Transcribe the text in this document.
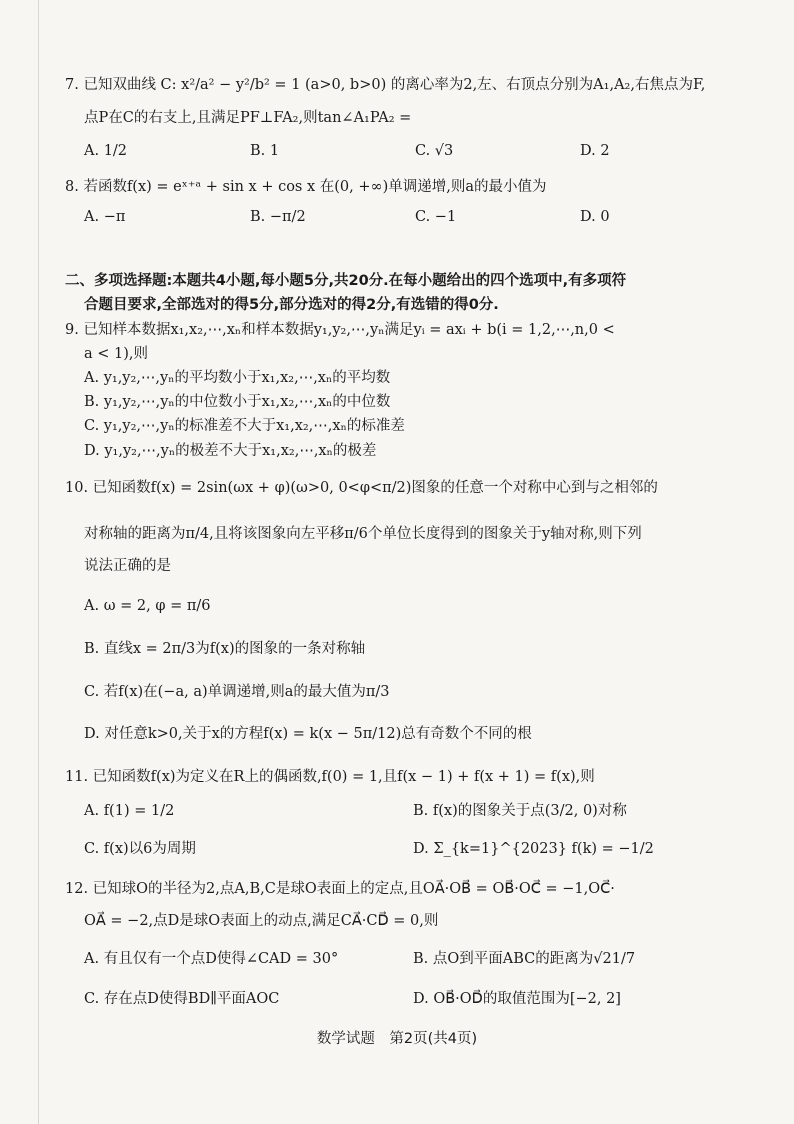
7. 已知双曲线 C: x²/a² − y²/b² = 1 (a>0, b>0) 的离心率为2,左、右顶点分别为A₁,A₂,右焦点为F,
点P在C的右支上,且满足PF⊥FA₂,则tan∠A₁PA₂ =
A. 1/2	B. 1	C. √3	D. 2
8. 若函数f(x) = eˣ⁺ᵃ + sin x + cos x 在(0, +∞)单调递增,则a的最小值为
A. −π	B. −π/2	C. −1	D. 0
二、多项选择题:本题共4小题,每小题5分,共20分.在每小题给出的四个选项中,有多项符
合题目要求,全部选对的得5分,部分选对的得2分,有选错的得0分.
9. 已知样本数据x₁,x₂,⋯,xₙ和样本数据y₁,y₂,⋯,yₙ满足yᵢ = axᵢ + b(i = 1,2,⋯,n,0 <
a < 1),则
A. y₁,y₂,⋯,yₙ的平均数小于x₁,x₂,⋯,xₙ的平均数
B. y₁,y₂,⋯,yₙ的中位数小于x₁,x₂,⋯,xₙ的中位数
C. y₁,y₂,⋯,yₙ的标准差不大于x₁,x₂,⋯,xₙ的标准差
D. y₁,y₂,⋯,yₙ的极差不大于x₁,x₂,⋯,xₙ的极差
10. 已知函数f(x) = 2sin(ωx + φ)(ω>0, 0<φ<π/2)图象的任意一个对称中心到与之相邻的
对称轴的距离为π/4,且将该图象向左平移π/6个单位长度得到的图象关于y轴对称,则下列
说法正确的是
A. ω = 2, φ = π/6
B. 直线x = 2π/3为f(x)的图象的一条对称轴
C. 若f(x)在(−a, a)单调递增,则a的最大值为π/3
D. 对任意k>0,关于x的方程f(x) = k(x − 5π/12)总有奇数个不同的根
11. 已知函数f(x)为定义在R上的偶函数,f(0) = 1,且f(x − 1) + f(x + 1) = f(x),则
A. f(1) = 1/2	B. f(x)的图象关于点(3/2, 0)对称
C. f(x)以6为周期	D. Σ_{k=1}^{2023} f(k) = −1/2
12. 已知球O的半径为2,点A,B,C是球O表面上的定点,且OA⃗·OB⃗ = OB⃗·OC⃗ = −1,OC⃗·
OA⃗ = −2,点D是球O表面上的动点,满足CA⃗·CD⃗ = 0,则
A. 有且仅有一个点D使得∠CAD = 30°	B. 点O到平面ABC的距离为√21/7
C. 存在点D使得BD∥平面AOC	D. OB⃗·OD⃗的取值范围为[−2, 2]
数学试题　第2页(共4页)
